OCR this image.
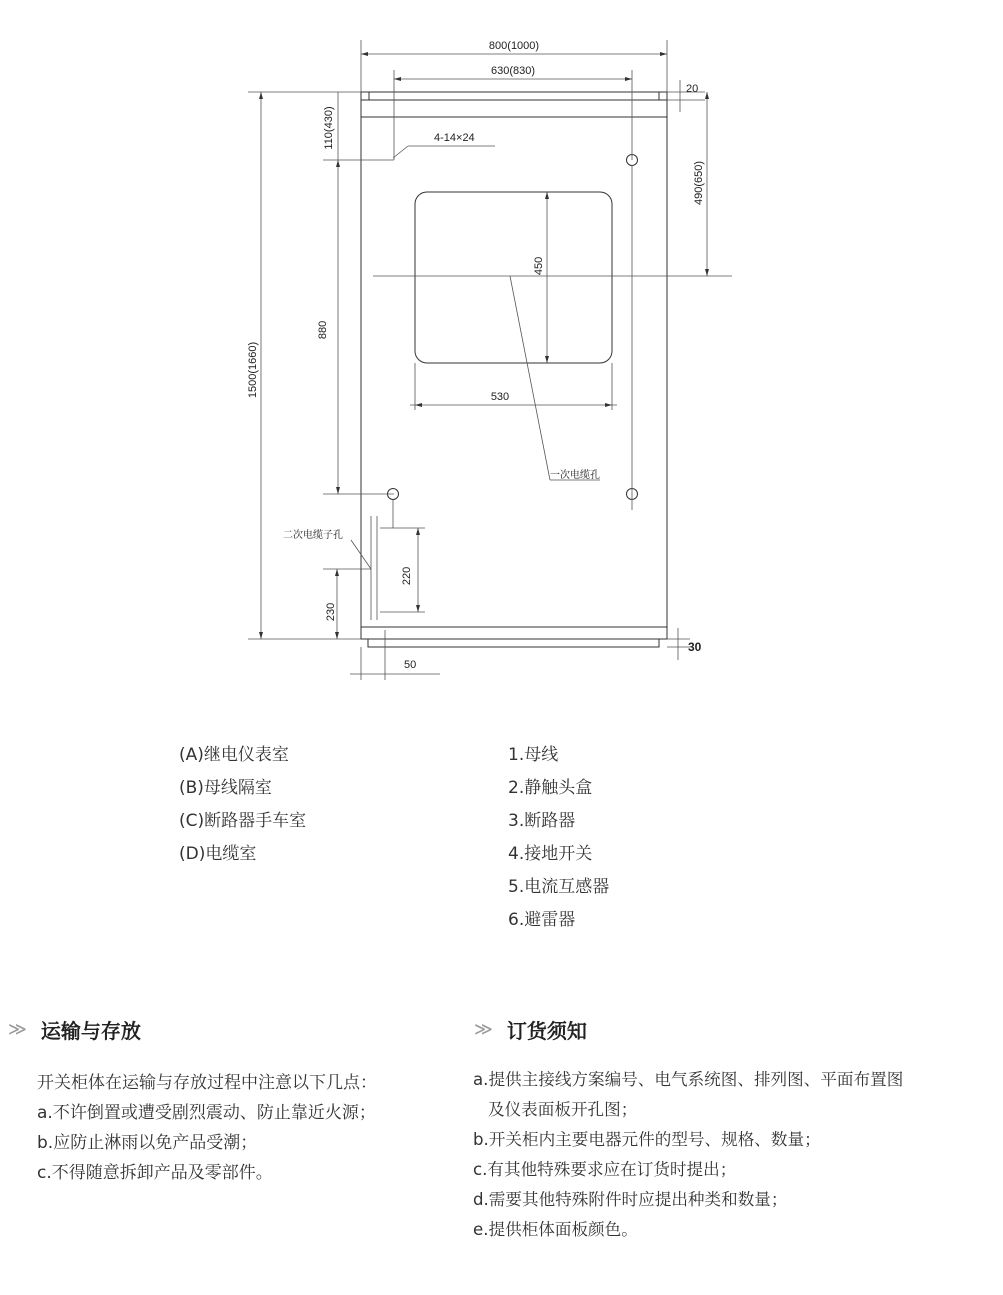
800(1000)
630(830)
20
4-14×24
110(430)
490(650)
450
1500(1660)
880
530
220
230
30
50
一次电缆孔
二次电缆子孔
(A)继电仪表室
(B)母线隔室
(C)断路器手车室
(D)电缆室
1.母线
2.静触头盒
3.断路器
4.接地开关
5.电流互感器
6.避雷器
≫ 运输与存放
开关柜体在运输与存放过程中注意以下几点：
a.不许倒置或遭受剧烈震动、防止靠近火源；
b.应防止淋雨以免产品受潮；
c.不得随意拆卸产品及零部件。
≫ 订货须知
a.提供主接线方案编号、电气系统图、排列图、平面布置图
及仪表面板开孔图；
b.开关柜内主要电器元件的型号、规格、数量；
c.有其他特殊要求应在订货时提出；
d.需要其他特殊附件时应提出种类和数量；
e.提供柜体面板颜色。
